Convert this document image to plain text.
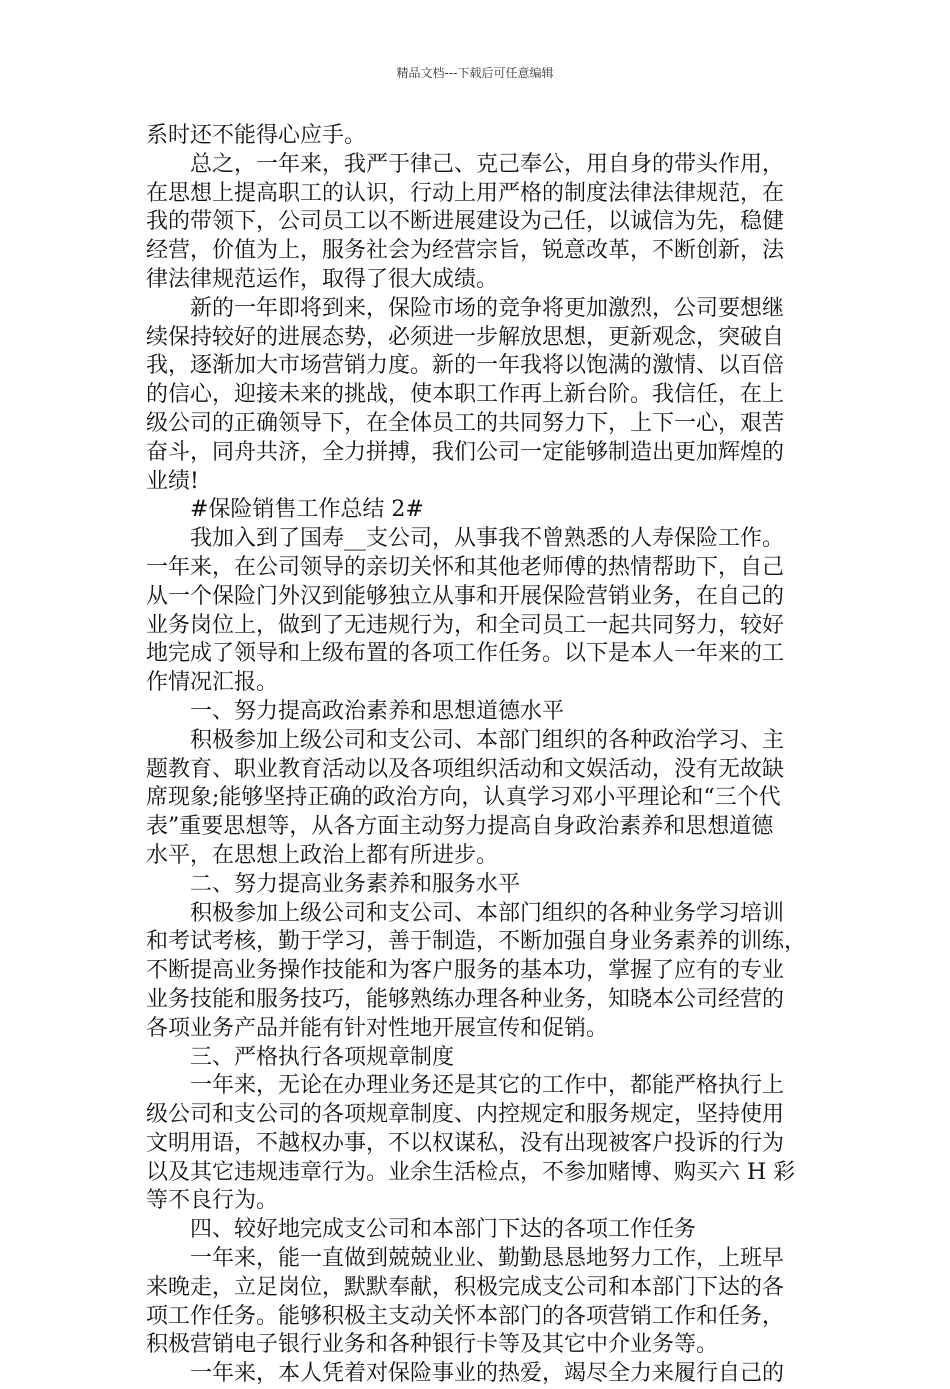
精品文档---下载后可任意编辑
系时还不能得心应手。
总之，一年来，我严于律己、克己奉公，用自身的带头作用，
在思想上提高职工的认识，行动上用严格的制度法律法律规范，在
我的带领下，公司员工以不断进展建设为己任，以诚信为先，稳健
经营，价值为上，服务社会为经营宗旨，锐意改革，不断创新，法
律法律规范运作，取得了很大成绩。
新的一年即将到来，保险市场的竞争将更加激烈，公司要想继
续保持较好的进展态势，必须进一步解放思想，更新观念，突破自
我，逐渐加大市场营销力度。新的一年我将以饱满的激情、以百倍
的信心，迎接未来的挑战，使本职工作再上新台阶。我信任，在上
级公司的正确领导下，在全体员工的共同努力下，上下一心，艰苦
奋斗，同舟共济，全力拼搏，我们公司一定能够制造出更加辉煌的
业绩!
#保险销售工作总结 2#
我加入到了国寿__支公司，从事我不曾熟悉的人寿保险工作。
一年来，在公司领导的亲切关怀和其他老师傅的热情帮助下，自己
从一个保险门外汉到能够独立从事和开展保险营销业务，在自己的
业务岗位上，做到了无违规行为，和全司员工一起共同努力，较好
地完成了领导和上级布置的各项工作任务。以下是本人一年来的工
作情况汇报。
一、努力提高政治素养和思想道德水平
积极参加上级公司和支公司、本部门组织的各种政治学习、主
题教育、职业教育活动以及各项组织活动和文娱活动，没有无故缺
席现象;能够坚持正确的政治方向，认真学习邓小平理论和“三个代
表”重要思想等，从各方面主动努力提高自身政治素养和思想道德
水平，在思想上政治上都有所进步。
二、努力提高业务素养和服务水平
积极参加上级公司和支公司、本部门组织的各种业务学习培训
和考试考核，勤于学习，善于制造，不断加强自身业务素养的训练，
不断提高业务操作技能和为客户服务的基本功，掌握了应有的专业
业务技能和服务技巧，能够熟练办理各种业务，知晓本公司经营的
各项业务产品并能有针对性地开展宣传和促销。
三、严格执行各项规章制度
一年来，无论在办理业务还是其它的工作中，都能严格执行上
级公司和支公司的各项规章制度、内控规定和服务规定，坚持使用
文明用语，不越权办事，不以权谋私，没有出现被客户投诉的行为
以及其它违规违章行为。业余生活检点，不参加赌博、购买六 H 彩
等不良行为。
四、较好地完成支公司和本部门下达的各项工作任务
一年来，能一直做到兢兢业业、勤勤恳恳地努力工作，上班早
来晚走，立足岗位，默默奉献，积极完成支公司和本部门下达的各
项工作任务。能够积极主支动关怀本部门的各项营销工作和任务，
积极营销电子银行业务和各种银行卡等及其它中介业务等。
一年来，本人凭着对保险事业的热爱，竭尽全力来履行自己的
